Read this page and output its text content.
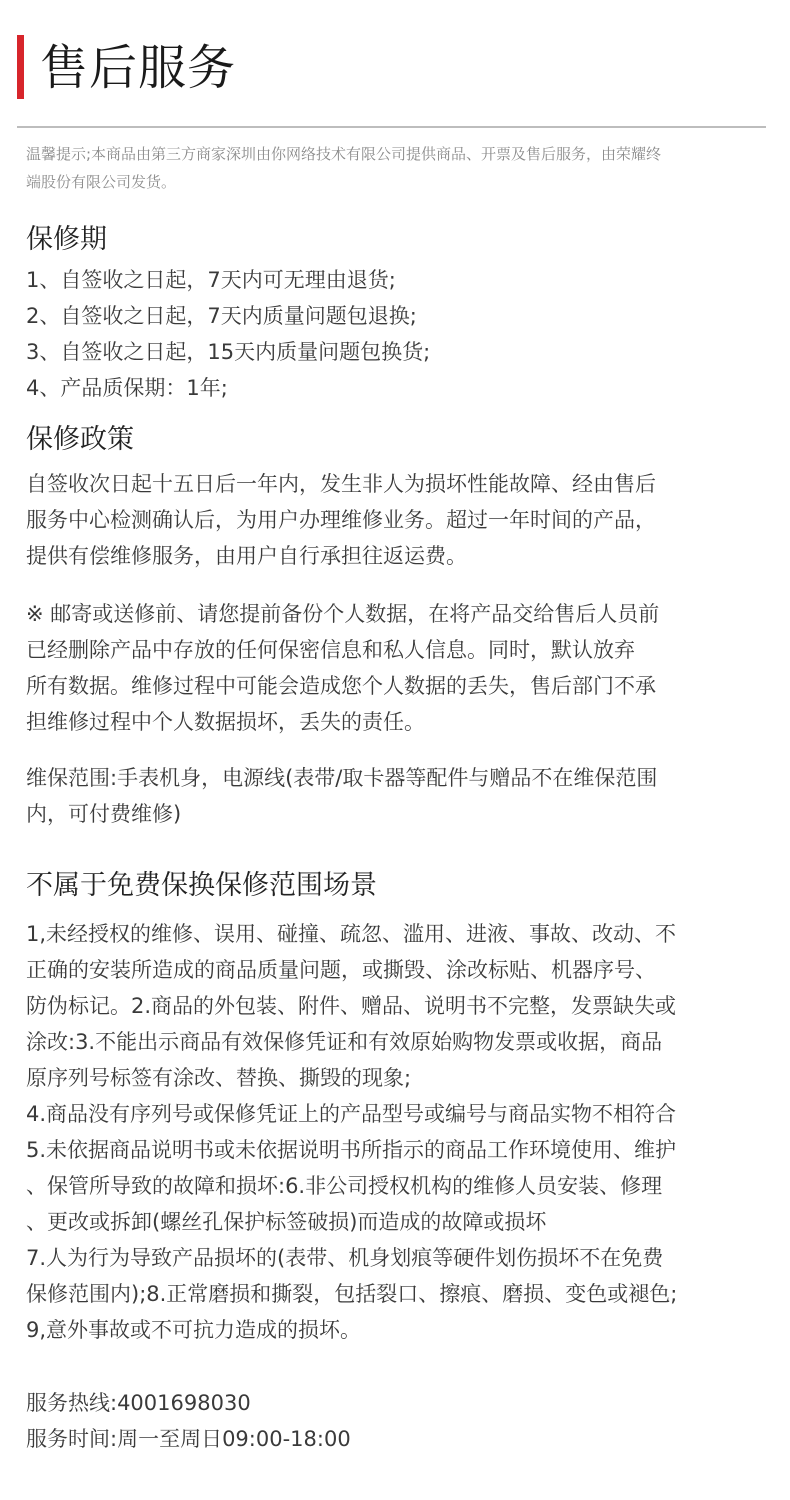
售后服务

温馨提示;本商品由第三方商家深圳由你网络技术有限公司提供商品、开票及售后服务，由荣耀终

端股份有限公司发货。

保修期

1、自签收之日起，7天内可无理由退货;

2、自签收之日起，7天内质量问题包退换;

3、自签收之日起，15天内质量问题包换货;

4、产品质保期：1年;

保修政策

自签收次日起十五日后一年内，发生非人为损坏性能故障、经由售后

服务中心检测确认后，为用户办理维修业务。超过一年时间的产品，

提供有偿维修服务，由用户自行承担往返运费。

※ 邮寄或送修前、请您提前备份个人数据，在将产品交给售后人员前

已经删除产品中存放的任何保密信息和私人信息。同时，默认放弃

所有数据。维修过程中可能会造成您个人数据的丢失，售后部门不承

担维修过程中个人数据损坏，丢失的责任。

维保范围:手表机身，电源线(表带/取卡器等配件与赠品不在维保范围

内，可付费维修)

不属于免费保换保修范围场景

1,未经授权的维修、误用、碰撞、疏忽、滥用、进液、事故、改动、不

正确的安装所造成的商品质量问题，或撕毁、涂改标贴、机器序号、

防伪标记。2.商品的外包装、附件、赠品、说明书不完整，发票缺失或

涂改:3.不能出示商品有效保修凭证和有效原始购物发票或收据，商品

原序列号标签有涂改、替换、撕毁的现象;

4.商品没有序列号或保修凭证上的产品型号或编号与商品实物不相符合

5.未依据商品说明书或未依据说明书所指示的商品工作环境使用、维护

、保管所导致的故障和损坏:6.非公司授权机构的维修人员安装、修理

、更改或拆卸(螺丝孔保护标签破损)而造成的故障或损坏

7.人为行为导致产品损坏的(表带、机身划痕等硬件划伤损坏不在免费

保修范围内);8.正常磨损和撕裂，包括裂口、擦痕、磨损、变色或褪色;

9,意外事故或不可抗力造成的损坏。

服务热线:4001698030

服务时间:周一至周日09:00-18:00
